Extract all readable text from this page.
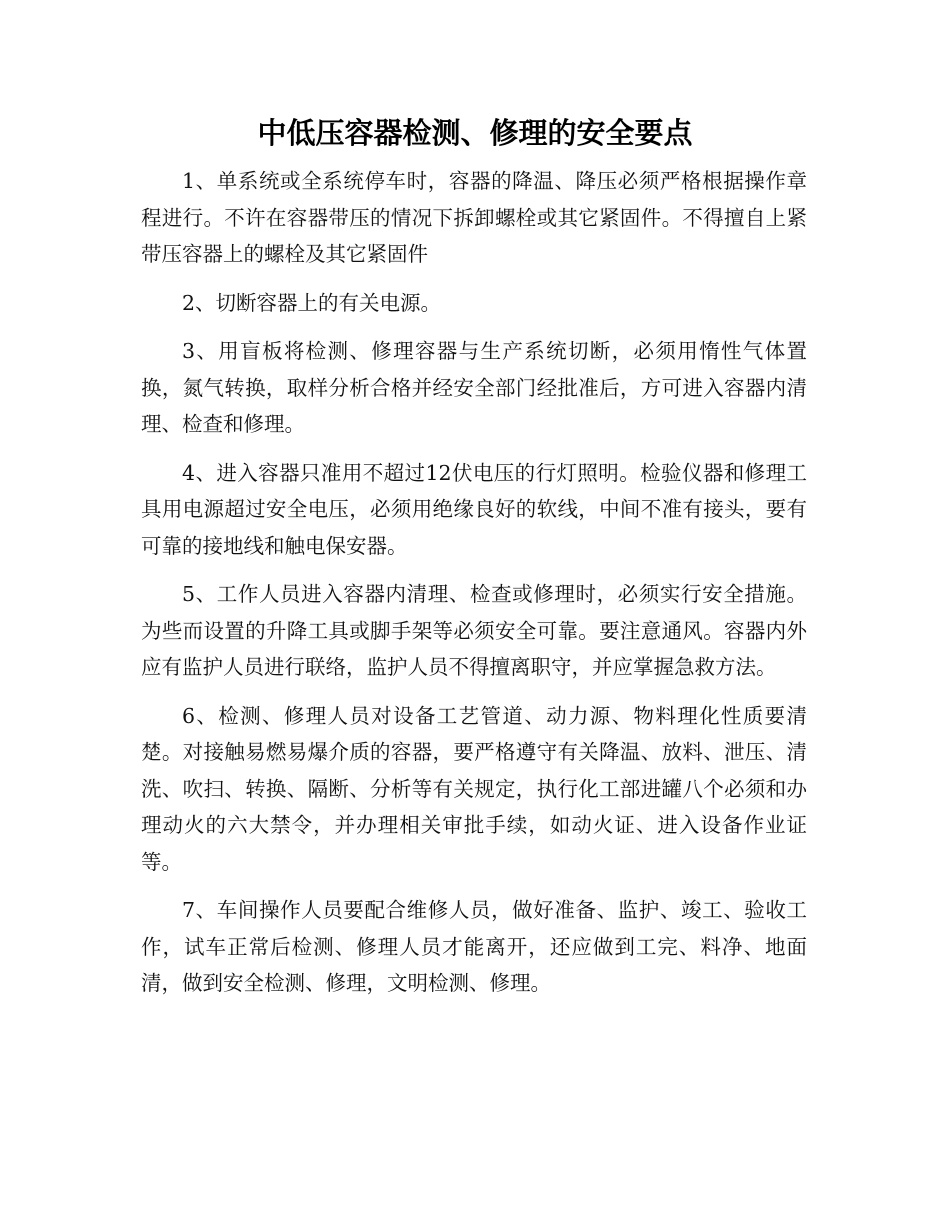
中低压容器检测、修理的安全要点

1、单系统或全系统停车时，容器的降温、降压必须严格根据操作章程进行。不许在容器带压的情况下拆卸螺栓或其它紧固件。不得擅自上紧带压容器上的螺栓及其它紧固件

2、切断容器上的有关电源。

3、用盲板将检测、修理容器与生产系统切断，必须用惰性气体置换，氮气转换，取样分析合格并经安全部门经批准后，方可进入容器内清理、检查和修理。

4、进入容器只准用不超过12伏电压的行灯照明。检验仪器和修理工具用电源超过安全电压，必须用绝缘良好的软线，中间不准有接头，要有可靠的接地线和触电保安器。

5、工作人员进入容器内清理、检查或修理时，必须实行安全措施。为些而设置的升降工具或脚手架等必须安全可靠。要注意通风。容器内外应有监护人员进行联络，监护人员不得擅离职守，并应掌握急救方法。

6、检测、修理人员对设备工艺管道、动力源、物料理化性质要清楚。对接触易燃易爆介质的容器，要严格遵守有关降温、放料、泄压、清洗、吹扫、转换、隔断、分析等有关规定，执行化工部进罐八个必须和办理动火的六大禁令，并办理相关审批手续，如动火证、进入设备作业证等。

7、车间操作人员要配合维修人员，做好准备、监护、竣工、验收工作，试车正常后检测、修理人员才能离开，还应做到工完、料净、地面清，做到安全检测、修理，文明检测、修理。
